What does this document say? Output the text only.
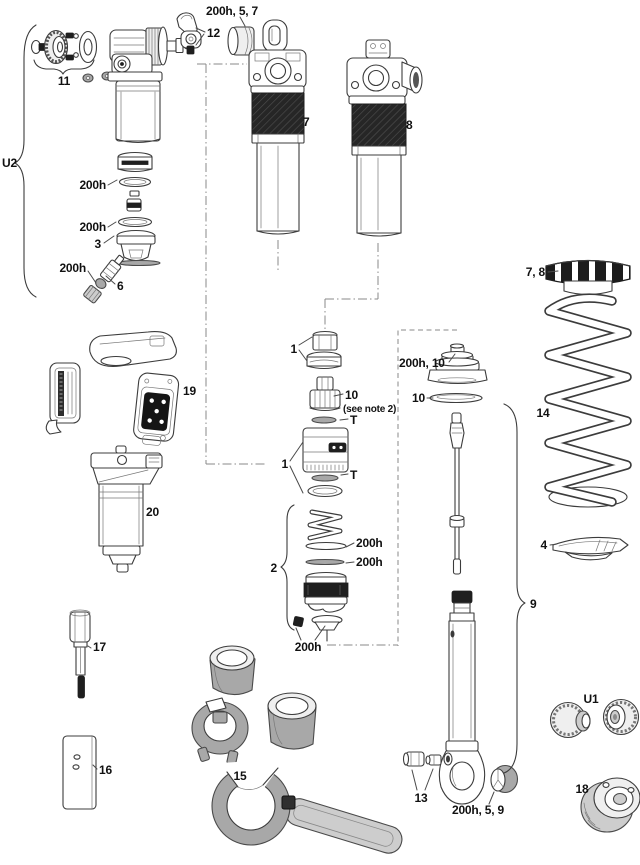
200h, 5, 7
12
11
U2
7	8
200h
200h
3
200h
6
1
10
(see note 2)
T
1
T
2
200h
200h
200h
200h, 10
10
7, 8
14
4
9
13
200h, 5, 9
U1
18
19
20
17
16	15
